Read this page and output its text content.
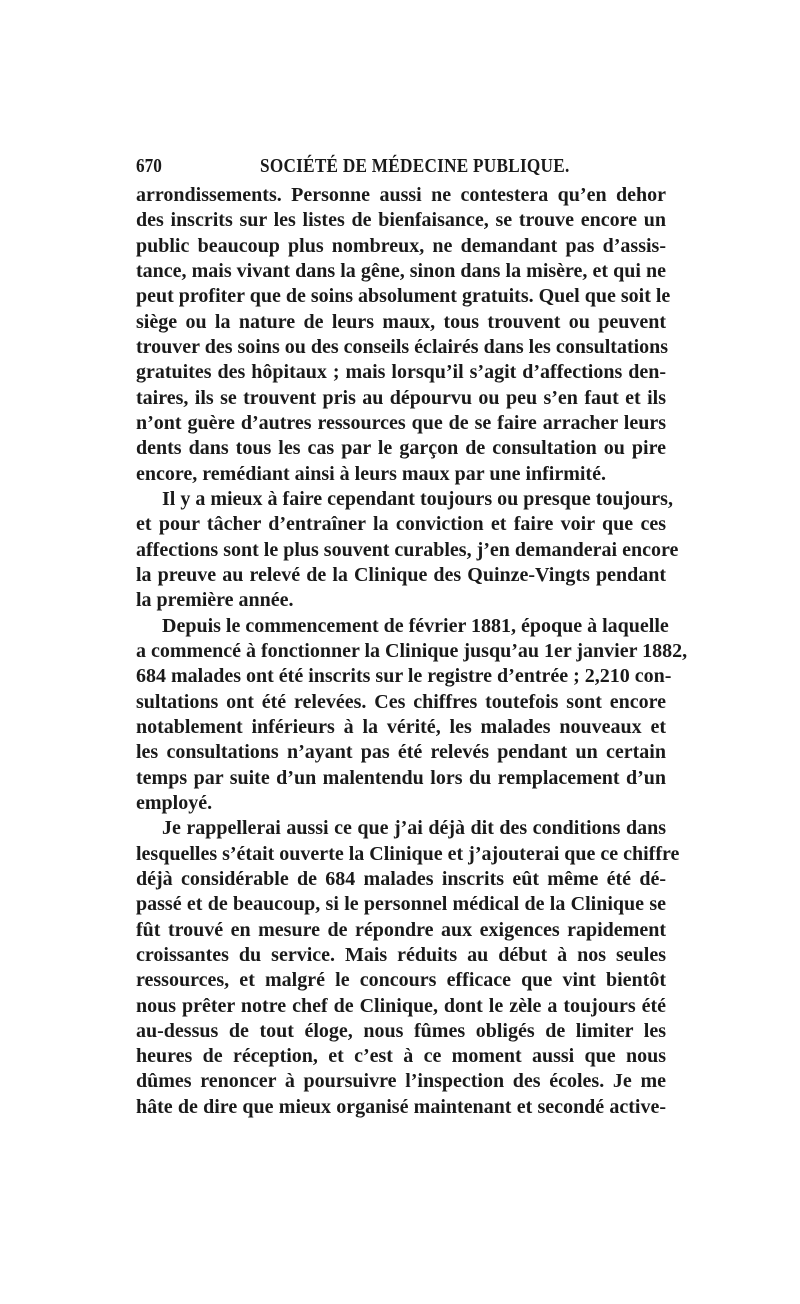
670	SOCIÉTÉ DE MÉDECINE PUBLIQUE.
arrondissements. Personne aussi ne contestera qu’en dehor
des inscrits sur les listes de bienfaisance, se trouve encore un
public beaucoup plus nombreux, ne demandant pas d’assis-
tance, mais vivant dans la gêne, sinon dans la misère, et qui ne
peut profiter que de soins absolument gratuits. Quel que soit le
siège ou la nature de leurs maux, tous trouvent ou peuvent
trouver des soins ou des conseils éclairés dans les consultations
gratuites des hôpitaux ; mais lorsqu’il s’agit d’affections den-
taires, ils se trouvent pris au dépourvu ou peu s’en faut et ils
n’ont guère d’autres ressources que de se faire arracher leurs
dents dans tous les cas par le garçon de consultation ou pire
encore, remédiant ainsi à leurs maux par une infirmité.
Il y a mieux à faire cependant toujours ou presque toujours,
et pour tâcher d’entraîner la conviction et faire voir que ces
affections sont le plus souvent curables, j’en demanderai encore
la preuve au relevé de la Clinique des Quinze-Vingts pendant
la première année.
Depuis le commencement de février 1881, époque à laquelle
a commencé à fonctionner la Clinique jusqu’au 1er janvier 1882,
684 malades ont été inscrits sur le registre d’entrée ; 2,210 con-
sultations ont été relevées. Ces chiffres toutefois sont encore
notablement inférieurs à la vérité, les malades nouveaux et
les consultations n’ayant pas été relevés pendant un certain
temps par suite d’un malentendu lors du remplacement d’un
employé.
Je rappellerai aussi ce que j’ai déjà dit des conditions dans
lesquelles s’était ouverte la Clinique et j’ajouterai que ce chiffre
déjà considérable de 684 malades inscrits eût même été dé-
passé et de beaucoup, si le personnel médical de la Clinique se
fût trouvé en mesure de répondre aux exigences rapidement
croissantes du service. Mais réduits au début à nos seules
ressources, et malgré le concours efficace que vint bientôt
nous prêter notre chef de Clinique, dont le zèle a toujours été
au-dessus de tout éloge, nous fûmes obligés de limiter les
heures de réception, et c’est à ce moment aussi que nous
dûmes renoncer à poursuivre l’inspection des écoles. Je me
hâte de dire que mieux organisé maintenant et secondé active-
